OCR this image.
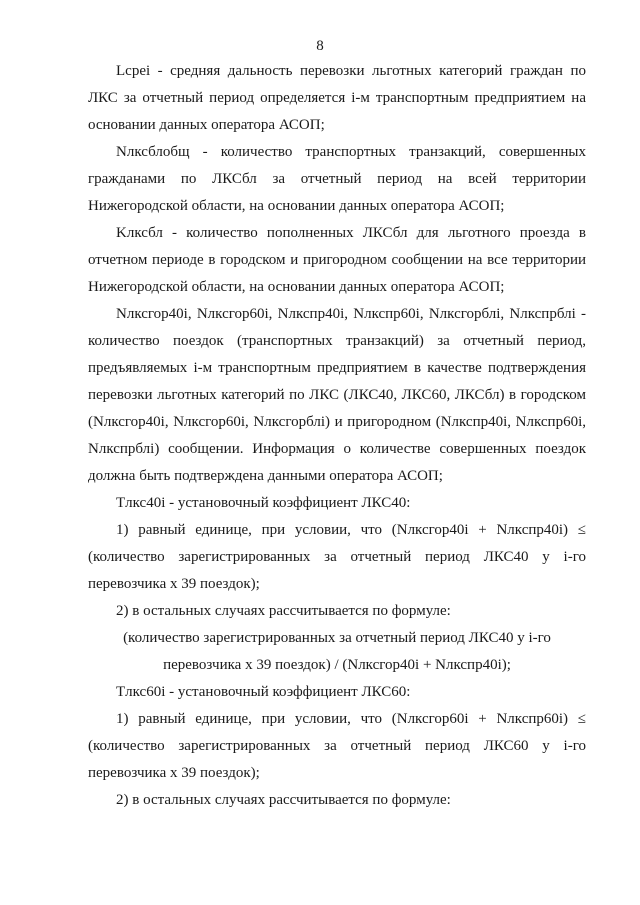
8

Lcpei - средняя дальность перевозки льготных категорий граждан по ЛКС за отчетный период определяется i-м транспортным предприятием на основании данных оператора АСОП;

Nлксблобщ - количество транспортных транзакций, совершенных гражданами по ЛКСбл за отчетный период на всей территории Нижегородской области, на основании данных оператора АСОП;

Kлксбл - количество пополненных ЛКСбл для льготного проезда в отчетном периоде в городском и пригородном сообщении на все территории Нижегородской области, на основании данных оператора АСОП;

Nлксгор40i, Nлксгор60i, Nлкспр40i, Nлкспр60i, Nлксгорблi, Nлкспрблi - количество поездок (транспортных транзакций) за отчетный период, предъявляемых i-м транспортным предприятием в качестве подтверждения перевозки льготных категорий по ЛКС (ЛКС40, ЛКС60, ЛКСбл) в городском (Nлксгор40i, Nлксгор60i, Nлксгорблi) и пригородном (Nлкспр40i, Nлкспр60i, Nлкспрблi) сообщении. Информация о количестве совершенных поездок должна быть подтверждена данными оператора АСОП;

Tлкс40i - установочный коэффициент ЛКС40:

1) равный единице, при условии, что (Nлксгор40i + Nлкспр40i) ≤ (количество зарегистрированных за отчетный период ЛКС40 у i-го перевозчика x 39 поездок);

2) в остальных случаях рассчитывается по формуле:

(количество зарегистрированных за отчетный период ЛКС40 у i-го перевозчика x 39 поездок) / (Nлксгор40i + Nлкспр40i);

Tлкс60i - установочный коэффициент ЛКС60:

1) равный единице, при условии, что (Nлксгор60i + Nлкспр60i) ≤ (количество зарегистрированных за отчетный период ЛКС60 у i-го перевозчика x 39 поездок);

2) в остальных случаях рассчитывается по формуле:
